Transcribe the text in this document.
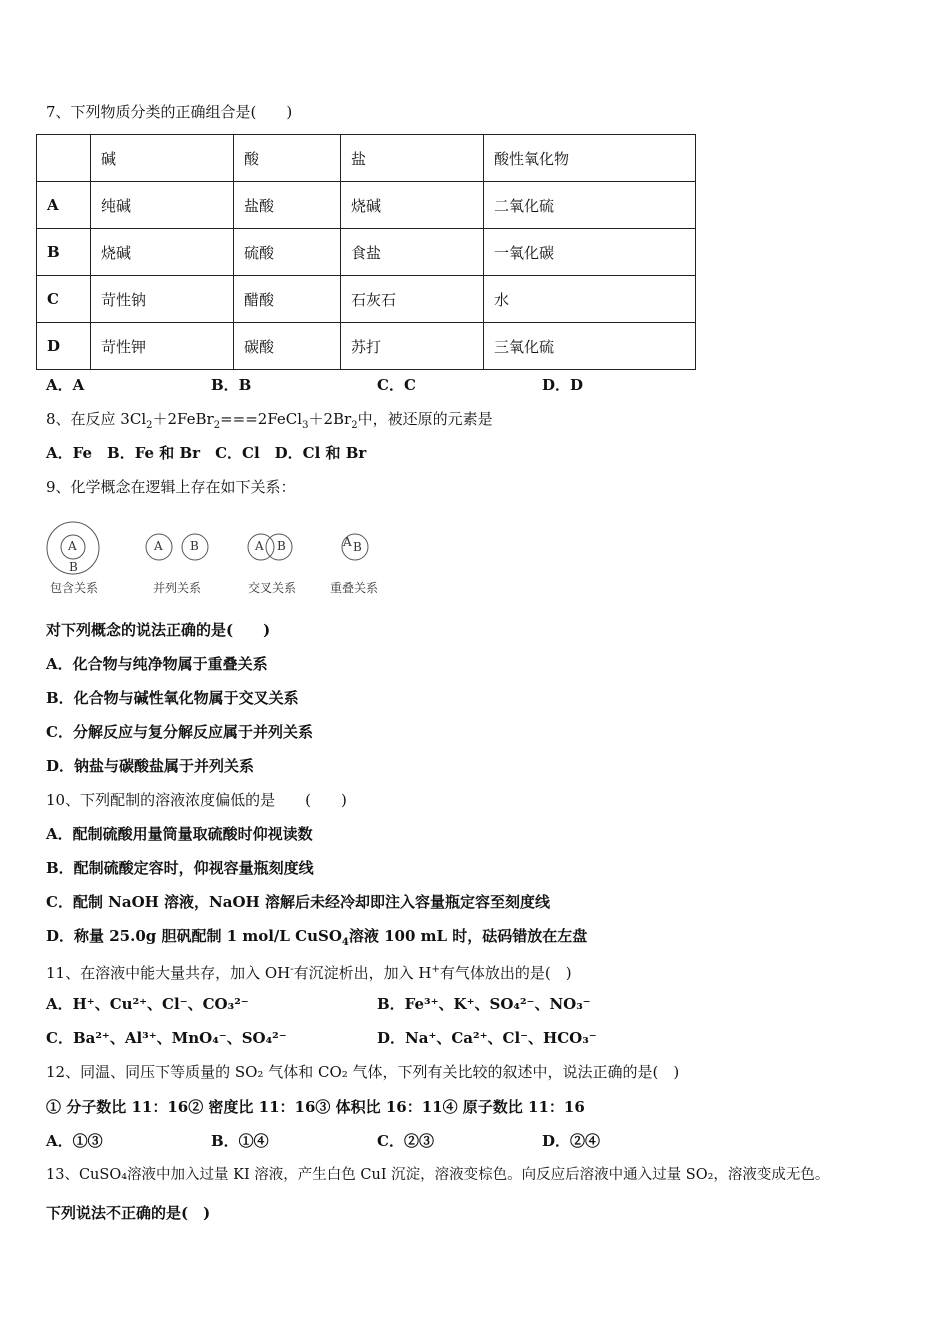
7、下列物质分类的正确组合是(　　)
	碱	酸	盐	酸性氧化物
A	纯碱	盐酸	烧碱	二氧化硫
B	烧碱	硫酸	食盐	一氧化碳
C	苛性钠	醋酸	石灰石	水
D	苛性钾	碳酸	苏打	三氧化硫
A．A	B．B	C．C	D．D
8、在反应 $3Cl_2+2FeBr_2===2FeCl_3+2Br_2$中，被还原的元素是
A．Fe　B．Fe 和 Br　C．Cl　D．Cl 和 Br
9、化学概念在逻辑上存在如下关系：
A
B
包含关系
A B
并列关系
A B
交叉关系
A B
重叠关系
对下列概念的说法正确的是(　　)
A．化合物与纯净物属于重叠关系
B．化合物与碱性氧化物属于交叉关系
C．分解反应与复分解反应属于并列关系
D．钠盐与碳酸盐属于并列关系
10、下列配制的溶液浓度偏低的是　　(　　)
A．配制硫酸用量筒量取硫酸时仰视读数
B．配制硫酸定容时，仰视容量瓶刻度线
C．配制 NaOH 溶液，NaOH 溶解后未经冷却即注入容量瓶定容至刻度线
D．称量 25.0g 胆矾配制 1 mol/L CuSO$_4$溶液 100 mL 时，砝码错放在左盘
11、在溶液中能大量共存，加入 OH-有沉淀析出，加入 H+有气体放出的是(　)
A．H⁺、Cu²⁺、Cl⁻、CO₃²⁻	B．Fe³⁺、K⁺、SO₄²⁻、NO₃⁻
C．Ba²⁺、Al³⁺、MnO₄⁻、SO₄²⁻	D．Na⁺、Ca²⁺、Cl⁻、HCO₃⁻
12、同温、同压下等质量的 SO₂ 气体和 CO₂ 气体，下列有关比较的叙述中，说法正确的是(　)
① 分子数比 11：16② 密度比 11：16③ 体积比 16：11④ 原子数比 11：16
A．①③	B．①④	C．②③	D．②④
13、CuSO₄溶液中加入过量 KI 溶液，产生白色 CuI 沉淀，溶液变棕色。向反应后溶液中通入过量 SO₂，溶液变成无色。
下列说法不正确的是(　)
